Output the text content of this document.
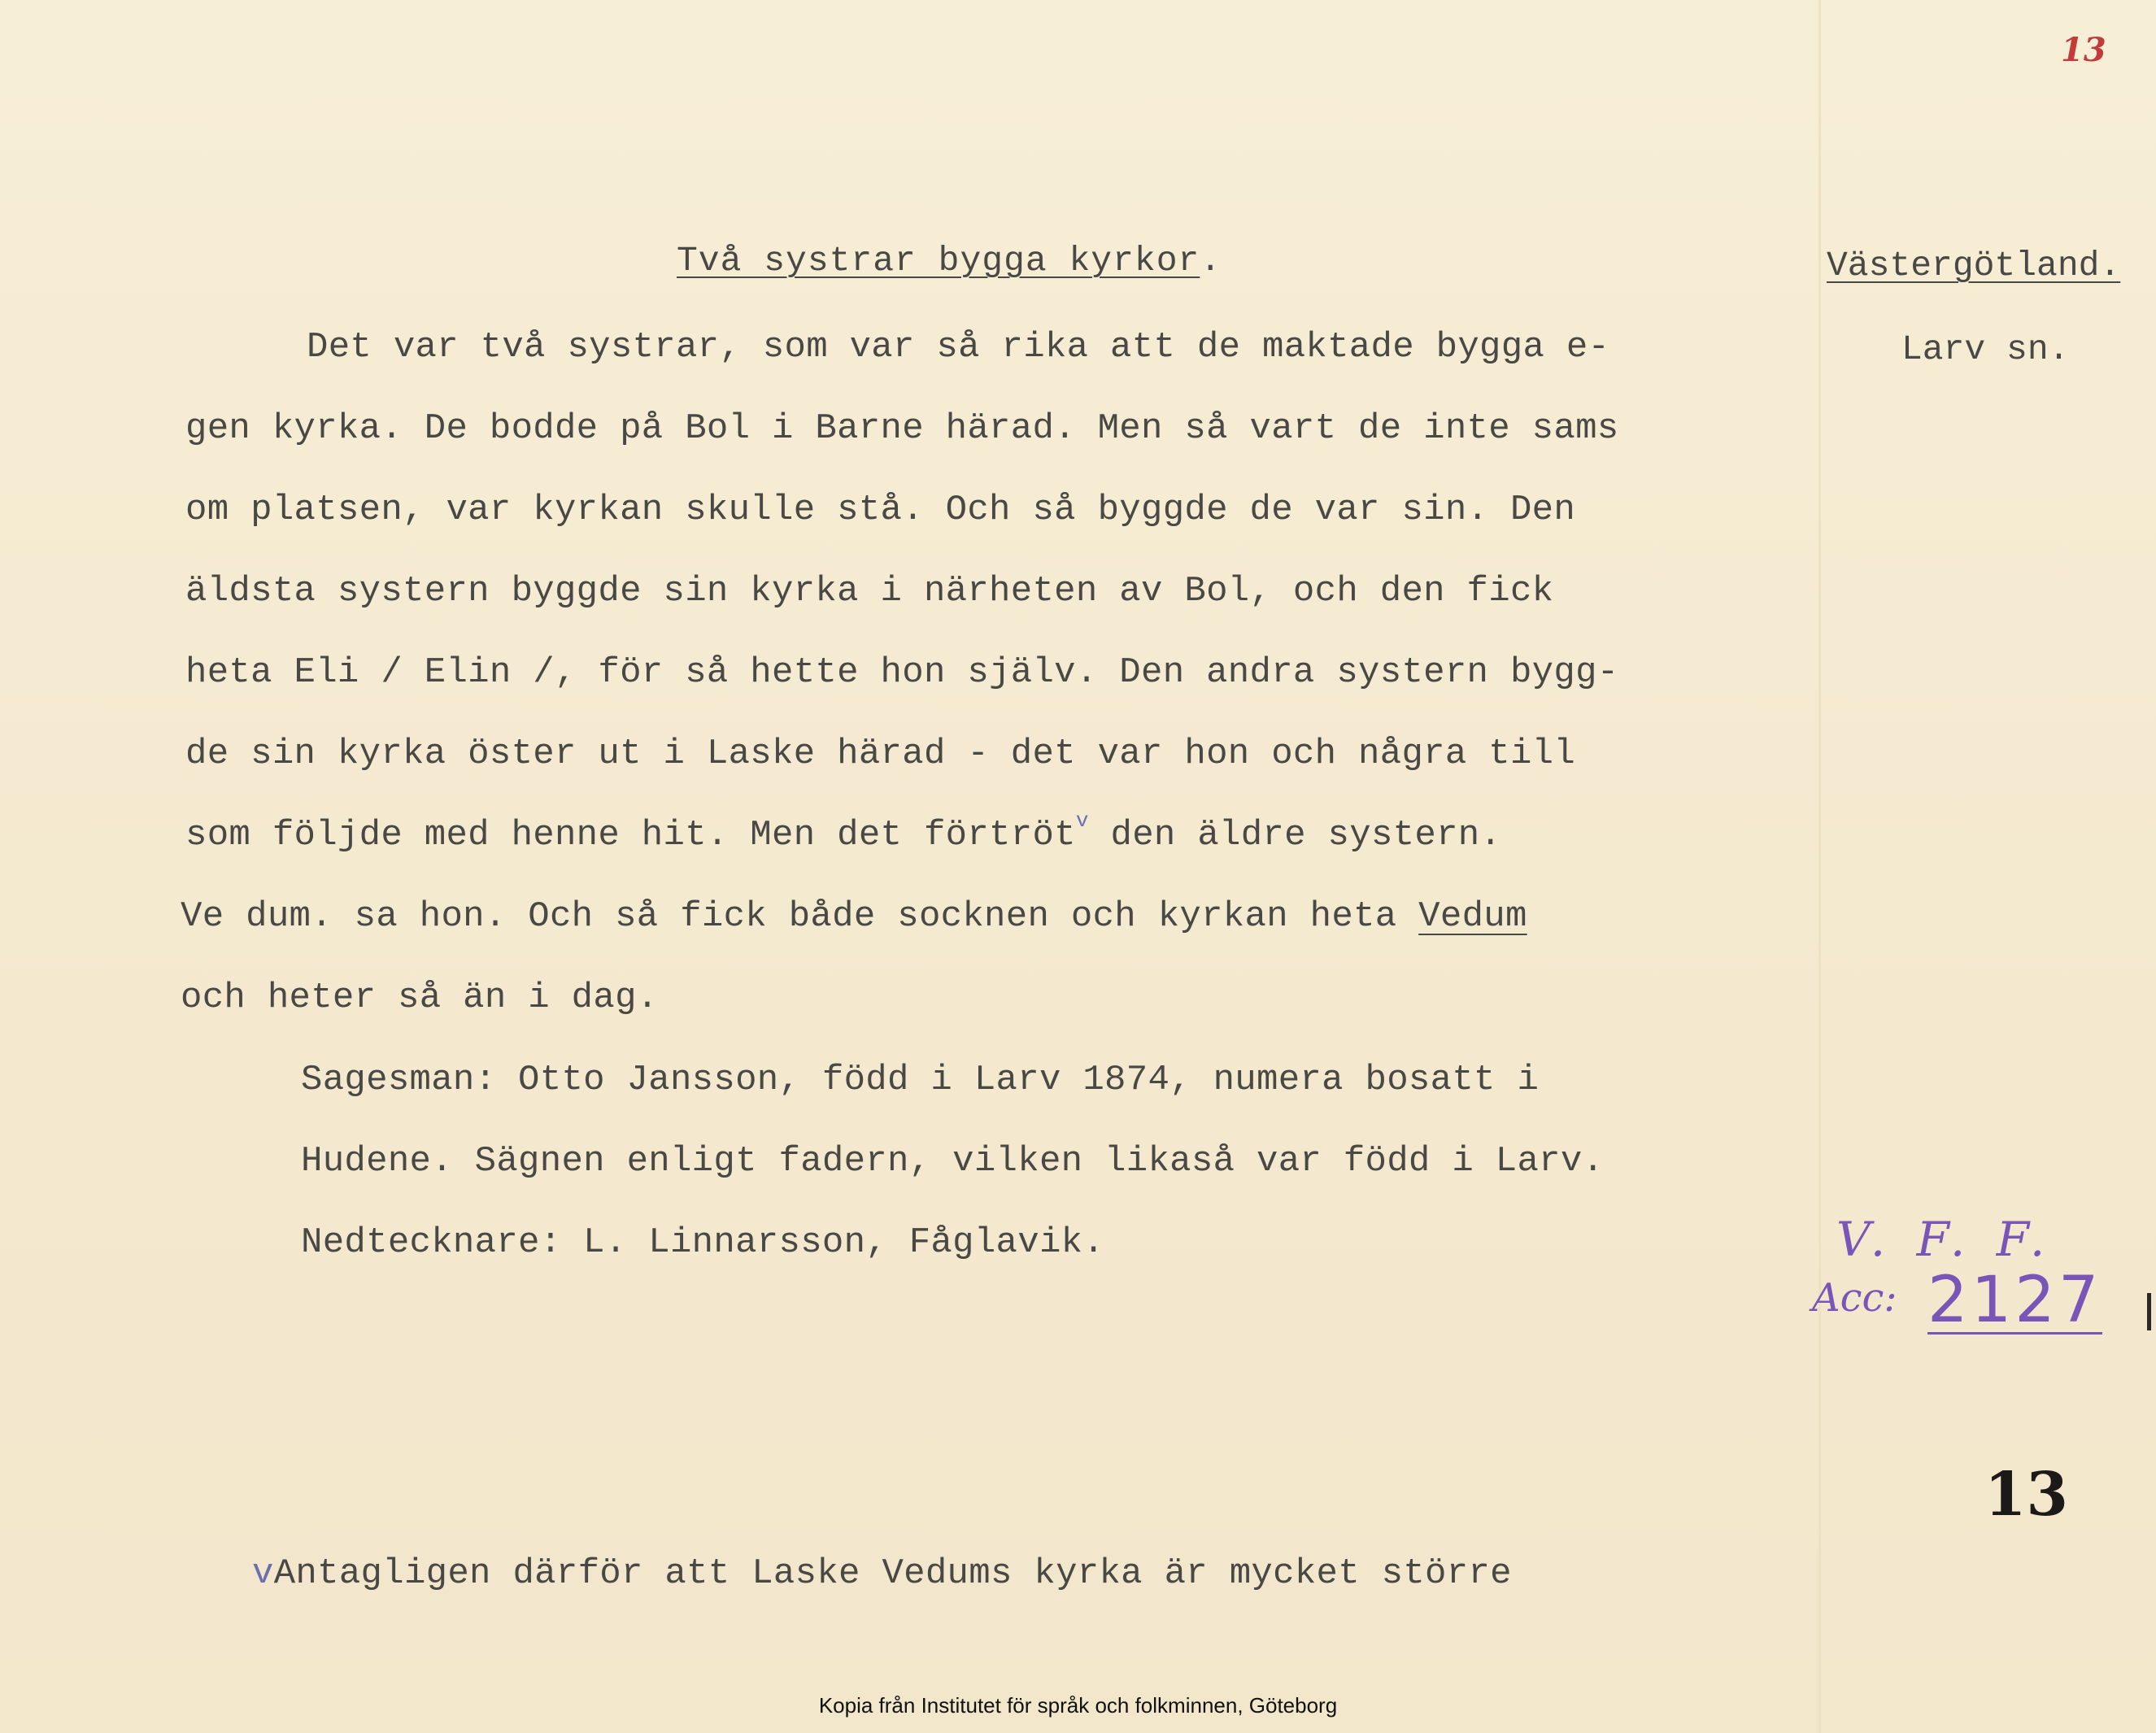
13
Två systrar bygga kyrkor.	Västergötland.
Larv sn.
Det var två systrar, som var så rika att de maktade bygga e-
gen kyrka. De bodde på Bol i Barne härad. Men så vart de inte sams
om platsen, var kyrkan skulle stå. Och så byggde de var sin. Den
äldsta systern byggde sin kyrka i närheten av Bol, och den fick
heta Eli / Elin /, för så hette hon själv. Den andra systern bygg-
de sin kyrka öster ut i Laske härad - det var hon och några till
som följde med henne hit. Men det förtröt$^v$ den äldre systern.
Ve dum. sa hon. Och så fick både socknen och kyrkan heta Vedum
och heter så än i dag.
Sagesman: Otto Jansson, född i Larv 1874, numera bosatt i
Hudene. Sägnen enligt fadern, vilken likaså var född i Larv.
Nedtecknare: L. Linnarsson, Fåglavik.	V. F. F.
Acc: 2127
13
vAntagligen därför att Laske Vedums kyrka är mycket större
Kopia från Institutet för språk och folkminnen, Göteborg
